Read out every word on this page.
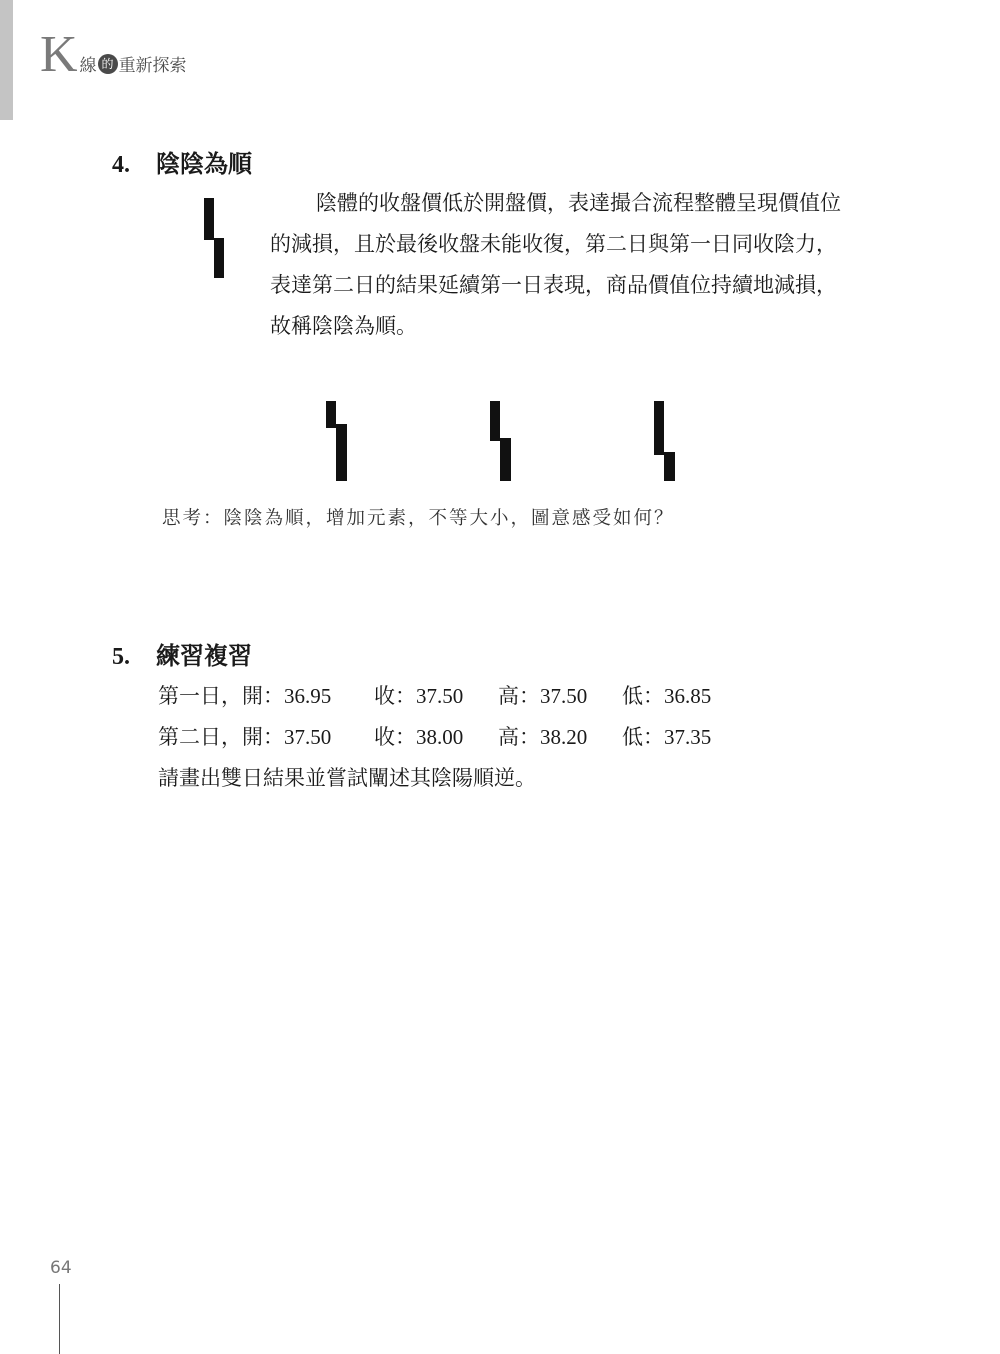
K 線 的 重新探索
4.	陰陰為順

陰體的收盤價低於開盤價，表達撮合流程整體呈現價值位
的減損，且於最後收盤未能收復，第二日與第一日同收陰力，
表達第二日的結果延續第一日表現，商品價值位持續地減損，
故稱陰陰為順。

思考：陰陰為順，增加元素，不等大小，圖意感受如何？
5.	練習複習
第一日，開：36.95	收：37.50	高：37.50	低：36.85
第二日，開：37.50	收：38.00	高：38.20	低：37.35
請畫出雙日結果並嘗試闡述其陰陽順逆。
64
